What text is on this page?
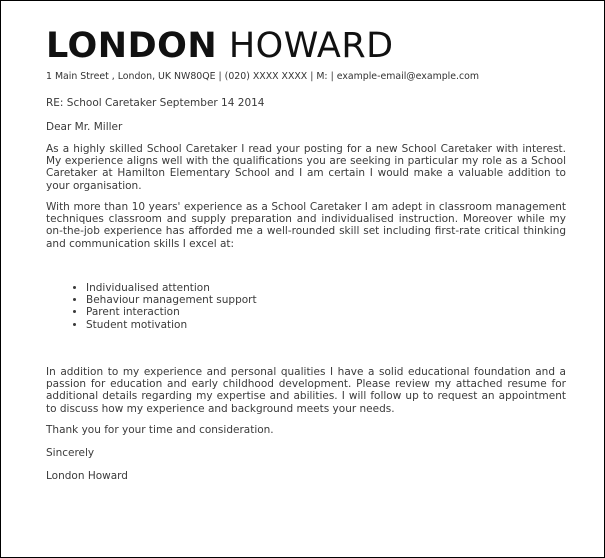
LONDON HOWARD
1 Main Street , London, UK NW80QE | (020) XXXX XXXX | M: | example-email@example.com
RE: School Caretaker September 14 2014
Dear Mr. Miller
As a highly skilled School Caretaker I read your posting for a new School Caretaker with interest. My experience aligns well with the qualifications you are seeking in particular my role as a School Caretaker at Hamilton Elementary School and I am certain I would make a valuable addition to your organisation.
With more than 10 years' experience as a School Caretaker I am adept in classroom management techniques classroom and supply preparation and individualised instruction. Moreover while my on-the-job experience has afforded me a well-rounded skill set including first-rate critical thinking and communication skills I excel at:
• Individualised attention
• Behaviour management support
• Parent interaction
• Student motivation
In addition to my experience and personal qualities I have a solid educational foundation and a passion for education and early childhood development. Please review my attached resume for additional details regarding my expertise and abilities. I will follow up to request an appointment to discuss how my experience and background meets your needs.
Thank you for your time and consideration.
Sincerely
London Howard
